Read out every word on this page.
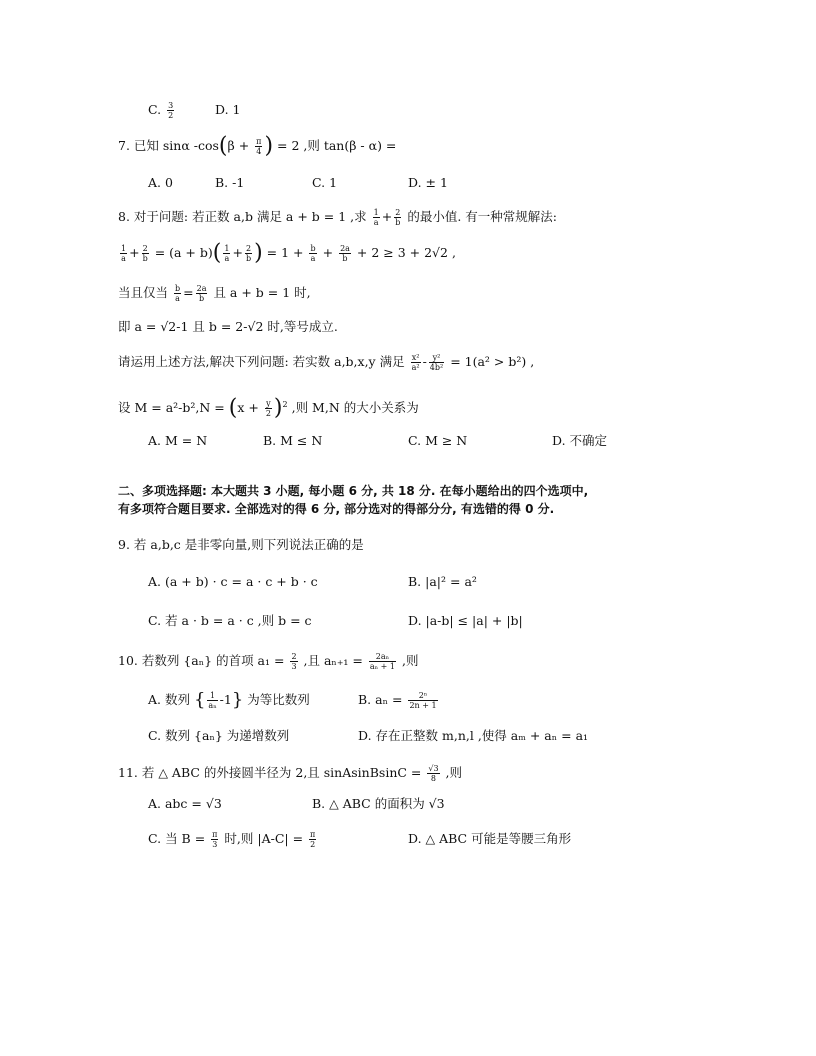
C. $\frac{3}{2}$	D. 1
7. 已知 sinα $-\cos(\beta + \frac{\pi}{4}$ ) = 2 ,则 tan(β - α) =
A. 0	B. -1	C. 1	D. ± 1
8. 对于问题: 若正数 a,b 满足 a + b = 1 ,求 $\frac{1}{a} + \frac{2}{b}$ 的最小值. 有一种常规解法:
$\frac{1}{a} + \frac{2}{b} = (a + b)( \frac{1}{a} + \frac{2}{b}$ ) = $1 + \frac{b}{a} + \frac{2a}{b} + 2 \ge 3 + 2√2$ ,
当且仅当 $\frac{b}{a} = \frac{2a}{b}$ 且 a + b = 1 时,
即 a = √2-1 且 b = 2-√2 时,等号成立.
请运用上述方法,解决下列问题: 若实数 a,b,x,y 满足 $\frac{\text{x²}}{\text{a²}} - \frac{\text{y²}}{\text{4b²}} = 1(a^2 > b^2)$ ,
设 $M = a^2-b^2,N = (x + \frac{y}{2} )^2$ ,则 M,N 的大小关系为
A. M = N	B. M ≤ N	C. M ≥ N	D. 不确定
二、多项选择题: 本大题共 3 小题, 每小题 6 分, 共 18 分. 在每小题给出的四个选项中,
有多项符合题目要求. 全部选对的得 6 分, 部分选对的得部分分, 有选错的得 0 分.
9. 若 a,b,c 是非零向量,则下列说法正确的是
A. (a + b) · c = a · c + b · c	B. |a|² = a²
C. 若 a · b = a · c ,则 b = c	D. |a-b| ≤ |a| + |b|
10. 若数列 {aₙ} 的首项 $a_1 = \frac{2}{3}$ ,且 $a_{n+1} = \frac{\text{2aₙ}}{\text{aₙ + 1}}$ ,则
A. 数列 { $\frac{1}{\text{aₙ}} -1$} 为等比数列	B. $a_n = \frac{\text{2ⁿ}}{2n + 1}$
C. 数列 {aₙ} 为递增数列	D. 存在正整数 m,n,l ,使得 aₘ + aₙ = a₁
11. 若 △ ABC 的外接圆半径为 2,且 sinAsinBsinC = $\frac{√3}{8}$ ,则
A. abc = √3	B. △ ABC 的面积为 √3
C. 当 $B = \frac{\pi}{3}$ 时,则 $|A-C| = \frac{\pi}{2}$	D. △ ABC 可能是等腰三角形
